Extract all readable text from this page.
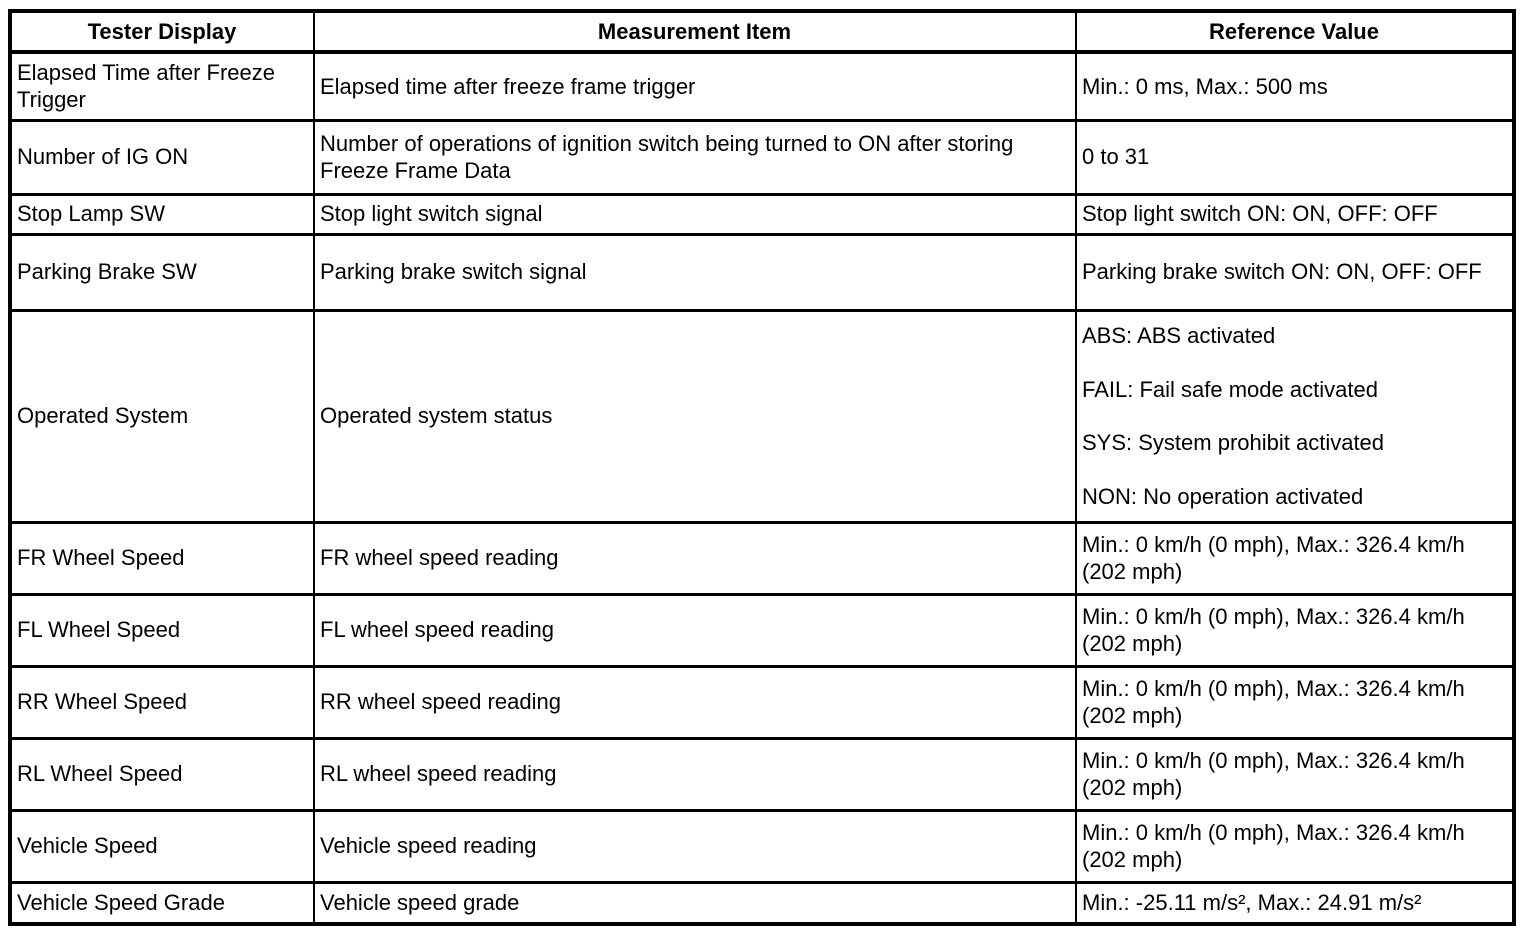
Tester Display	Measurement Item	Reference Value
Elapsed Time after Freeze Trigger	Elapsed time after freeze frame trigger	Min.: 0 ms, Max.: 500 ms

Number of IG ON	Number of operations of ignition switch being turned to ON after storing Freeze Frame Data	0 to 31

Stop Lamp SW	Stop light switch signal	Stop light switch ON: ON, OFF: OFF

Parking Brake SW	Parking brake switch signal	Parking brake switch ON: ON, OFF: OFF

Operated System	Operated system status	ABS: ABS activated
FAIL: Fail safe mode activated
SYS: System prohibit activated
NON: No operation activated

FR Wheel Speed	FR wheel speed reading	Min.: 0 km/h (0 mph), Max.: 326.4 km/h (202 mph)

FL Wheel Speed	FL wheel speed reading	Min.: 0 km/h (0 mph), Max.: 326.4 km/h (202 mph)

RR Wheel Speed	RR wheel speed reading	Min.: 0 km/h (0 mph), Max.: 326.4 km/h (202 mph)

RL Wheel Speed	RL wheel speed reading	Min.: 0 km/h (0 mph), Max.: 326.4 km/h (202 mph)

Vehicle Speed	Vehicle speed reading	Min.: 0 km/h (0 mph), Max.: 326.4 km/h (202 mph)

Vehicle Speed Grade	Vehicle speed grade	Min.: -25.11 m/s², Max.: 24.91 m/s²
